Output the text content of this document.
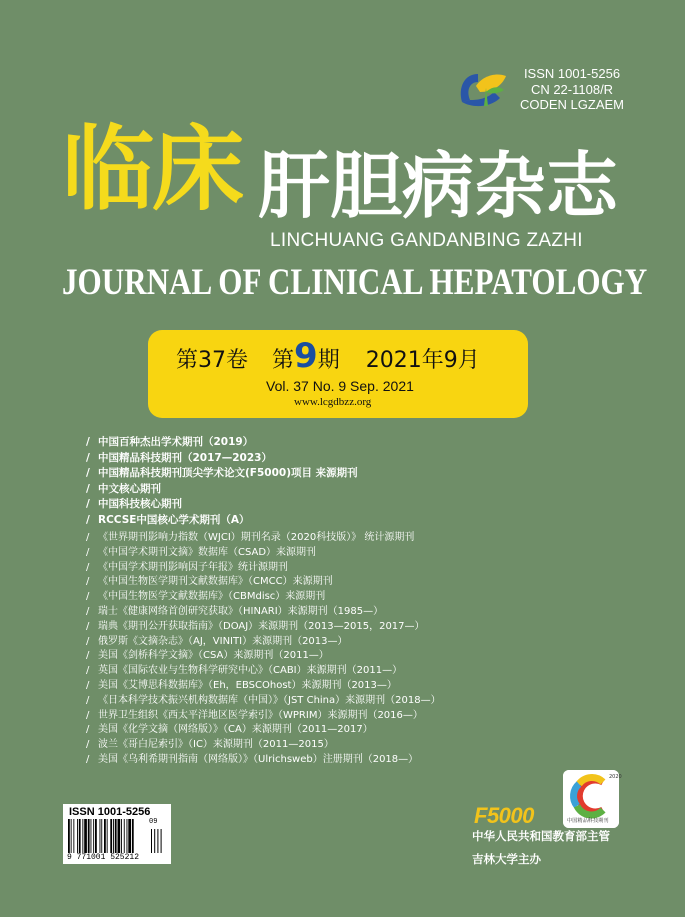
ISSN 1001-5256
CN 22-1108/R
CODEN LGZAEM
临床 肝胆病杂志
LINCHUANG GANDANBING ZAZHI
JOURNAL OF CLINICAL HEPATOLOGY
第37卷 第9期 2021年9月
Vol. 37 No. 9 Sep. 2021
www.lcgdbzz.org
/ 中国百种杰出学术期刊（2019）
/ 中国精品科技期刊（2017—2023）
/ 中国精品科技期刊顶尖学术论文(F5000)项目 来源期刊
/ 中文核心期刊
/ 中国科技核心期刊
/ RCCSE中国核心学术期刊（A）
/ 《世界期刊影响力指数（WJCI）期刊名录（2020科技版）》 统计源期刊
/ 《中国学术期刊文摘》数据库（CSAD）来源期刊
/ 《中国学术期刊影响因子年报》统计源期刊
/ 《中国生物医学期刊文献数据库》（CMCC）来源期刊
/ 《中国生物医学文献数据库》（CBMdisc）来源期刊
/ 瑞士《健康网络首创研究获取》（HINARI）来源期刊（1985—）
/ 瑞典《期刊公开获取指南》（DOAJ）来源期刊（2013—2015，2017—）
/ 俄罗斯《文摘杂志》（AJ，VINITI）来源期刊（2013—）
/ 美国《剑桥科学文摘》（CSA）来源期刊（2011—）
/ 英国《国际农业与生物科学研究中心》（CABI）来源期刊（2011—）
/ 美国《艾博思科数据库》（Eh，EBSCOhost）来源期刊（2013—）
/ 《日本科学技术振兴机构数据库（中国）》（JST China）来源期刊（2018—）
/ 世界卫生组织《西太平洋地区医学索引》（WPRIM）来源期刊（2016—）
/ 美国《化学文摘（网络版）》（CA）来源期刊（2011—2017）
/ 波兰《哥白尼索引》（IC）来源期刊（2011—2015）
/ 美国《乌利希期刊指南（网络版）》（Ulrichsweb）注册期刊（2018—）
ISSN 1001-5256
09
9 771001 525212
2020
中国精品科技期刊
F5000
中华人民共和国教育部主管
吉林大学主办
